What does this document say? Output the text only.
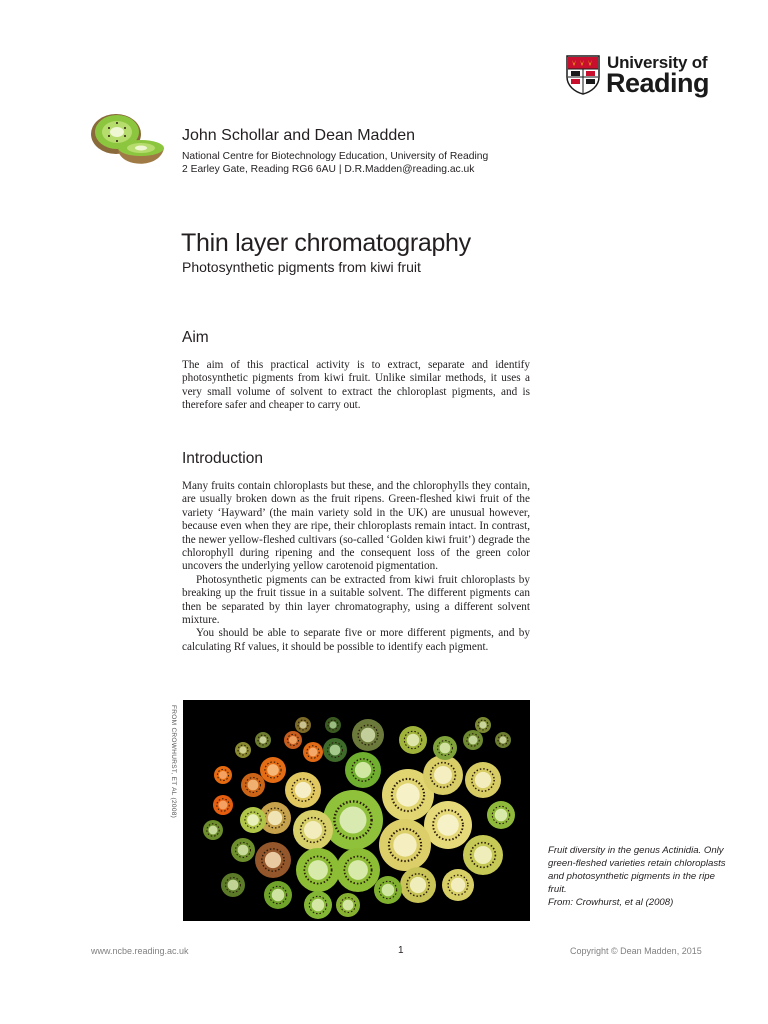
University of
Reading
John Schollar and Dean Madden
National Centre for Biotechnology Education, University of Reading
2 Earley Gate, Reading RG6 6AU | D.R.Madden@reading.ac.uk
Thin layer chromatography
Photosynthetic pigments from kiwi fruit
Aim

The aim of this practical activity is to extract, separate and identify photosynthetic pigments from kiwi fruit. Unlike similar methods, it uses a very small volume of solvent to extract the chloroplast pigments, and is therefore safer and cheaper to carry out.

Introduction

Many fruits contain chloroplasts but these, and the chlorophylls they contain, are usually broken down as the fruit ripens. Green-fleshed kiwi fruit of the variety ‘Hayward’ (the main variety sold in the UK) are unusual however, because even when they are ripe, their chloroplasts remain intact. In contrast, the newer yellow-fleshed cultivars (so-called ‘Golden kiwi fruit’) degrade the chlorophyll during ripening and the consequent loss of the green color uncovers the underlying yellow carotenoid pigmentation.

Photosynthetic pigments can be extracted from kiwi fruit chloroplasts by breaking up the fruit tissue in a suitable solvent. The different pigments can then be separated by thin layer chromatography, using a different solvent mixture.

You should be able to separate five or more different pigments, and by calculating Rf values, it should be possible to identify each pigment.

FROM CROWHURST, ET AL (2008)

Fruit diversity in the genus Actinidia. Only green-fleshed varieties retain chloroplasts and photosynthetic pigments in the ripe fruit.

From: Crowhurst, et al (2008)

www.ncbe.reading.ac.uk	1	Copyright © Dean Madden, 2015
